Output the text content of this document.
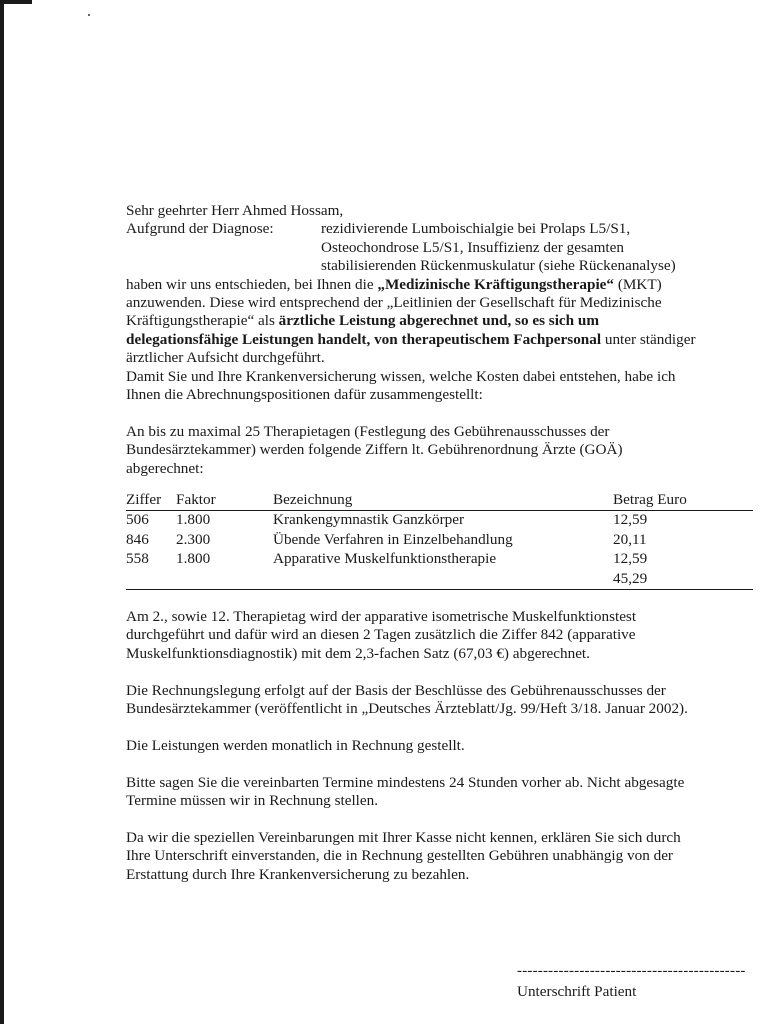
Sehr geehrter Herr Ahmed Hossam,

Aufgrund der Diagnose:	rezidivierende Lumboischialgie bei Prolaps L5/S1,

Osteochondrose L5/S1, Insuffizienz der gesamten

stabilisierenden Rückenmuskulatur (siehe Rückenanalyse)

haben wir uns entschieden, bei Ihnen die „Medizinische Kräftigungstherapie“ (MKT)

anzuwenden. Diese wird entsprechend der „Leitlinien der Gesellschaft für Medizinische

Kräftigungstherapie“ als ärztliche Leistung abgerechnet und, so es sich um

delegationsfähige Leistungen handelt, von therapeutischem Fachpersonal unter ständiger

ärztlicher Aufsicht durchgeführt.

Damit Sie und Ihre Krankenversicherung wissen, welche Kosten dabei entstehen, habe ich

Ihnen die Abrechnungspositionen dafür zusammengestellt:

An bis zu maximal 25 Therapietagen (Festlegung des Gebührenausschusses der

Bundesärztekammer) werden folgende Ziffern lt. Gebührenordnung Ärzte (GOÄ)

abgerechnet:

Ziffer	Faktor	Bezeichnung	Betrag Euro
506	1.800	Krankengymnastik Ganzkörper	12,59
846	2.300	Übende Verfahren in Einzelbehandlung	20,11
558	1.800	Apparative Muskelfunktionstherapie	12,59
			45,29

Am 2., sowie 12. Therapietag wird der apparative isometrische Muskelfunktionstest

durchgeführt und dafür wird an diesen 2 Tagen zusätzlich die Ziffer 842 (apparative

Muskelfunktionsdiagnostik) mit dem 2,3-fachen Satz (67,03 €) abgerechnet.

Die Rechnungslegung erfolgt auf der Basis der Beschlüsse des Gebührenausschusses der

Bundesärztekammer (veröffentlicht in „Deutsches Ärzteblatt/Jg. 99/Heft 3/18. Januar 2002).

Die Leistungen werden monatlich in Rechnung gestellt.

Bitte sagen Sie die vereinbarten Termine mindestens 24 Stunden vorher ab. Nicht abgesagte

Termine müssen wir in Rechnung stellen.

Da wir die speziellen Vereinbarungen mit Ihrer Kasse nicht kennen, erklären Sie sich durch

Ihre Unterschrift einverstanden, die in Rechnung gestellten Gebühren unabhängig von der

Erstattung durch Ihre Krankenversicherung zu bezahlen.

--------------------------------------------
Unterschrift Patient
